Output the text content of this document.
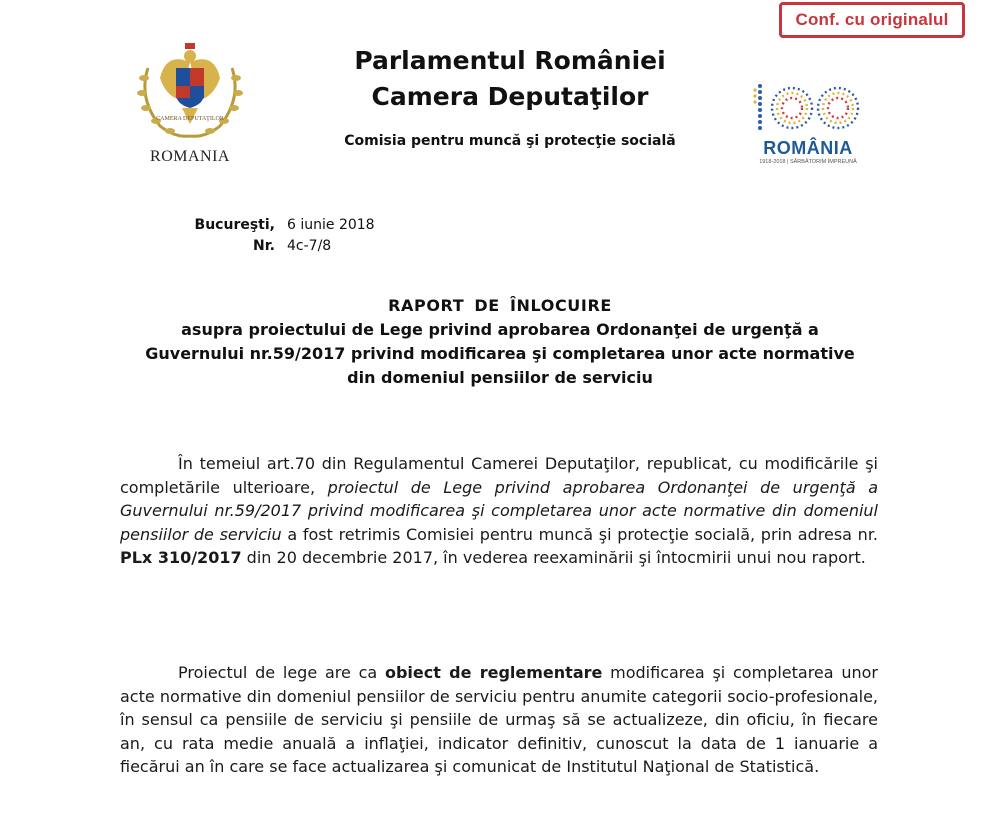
Conf. cu originalul
CAMERA DEPUTAŢILOR
ROMANIA	ROMÂNIA
1918-2018 | SĂRBĂTORIM ÎMPREUNĂ
Parlamentul României
Camera Deputaţilor
Comisia pentru muncă şi protecţie socială
Bucureşti, 6 iunie 2018
Nr. 4c-7/8
RAPORT DE ÎNLOCUIRE
asupra proiectului de Lege privind aprobarea Ordonanţei de urgenţă a Guvernului nr.59/2017 privind modificarea şi completarea unor acte normative din domeniul pensiilor de serviciu
În temeiul art.70 din Regulamentul Camerei Deputaţilor, republicat, cu modificările şi completările ulterioare, proiectul de Lege privind aprobarea Ordonanţei de urgenţă a Guvernului nr.59/2017 privind modificarea şi completarea unor acte normative din domeniul pensiilor de serviciu a fost retrimis Comisiei pentru muncă şi protecţie socială, prin adresa nr. PLx 310/2017 din 20 decembrie 2017, în vederea reexaminării şi întocmirii unui nou raport.
Proiectul de lege are ca obiect de reglementare modificarea şi completarea unor acte normative din domeniul pensiilor de serviciu pentru anumite categorii socio-profesionale, în sensul ca pensiile de serviciu şi pensiile de urmaş să se actualizeze, din oficiu, în fiecare an, cu rata medie anuală a inflaţiei, indicator definitiv, cunoscut la data de 1 ianuarie a fiecărui an în care se face actualizarea şi comunicat de Institutul Naţional de Statistică.
